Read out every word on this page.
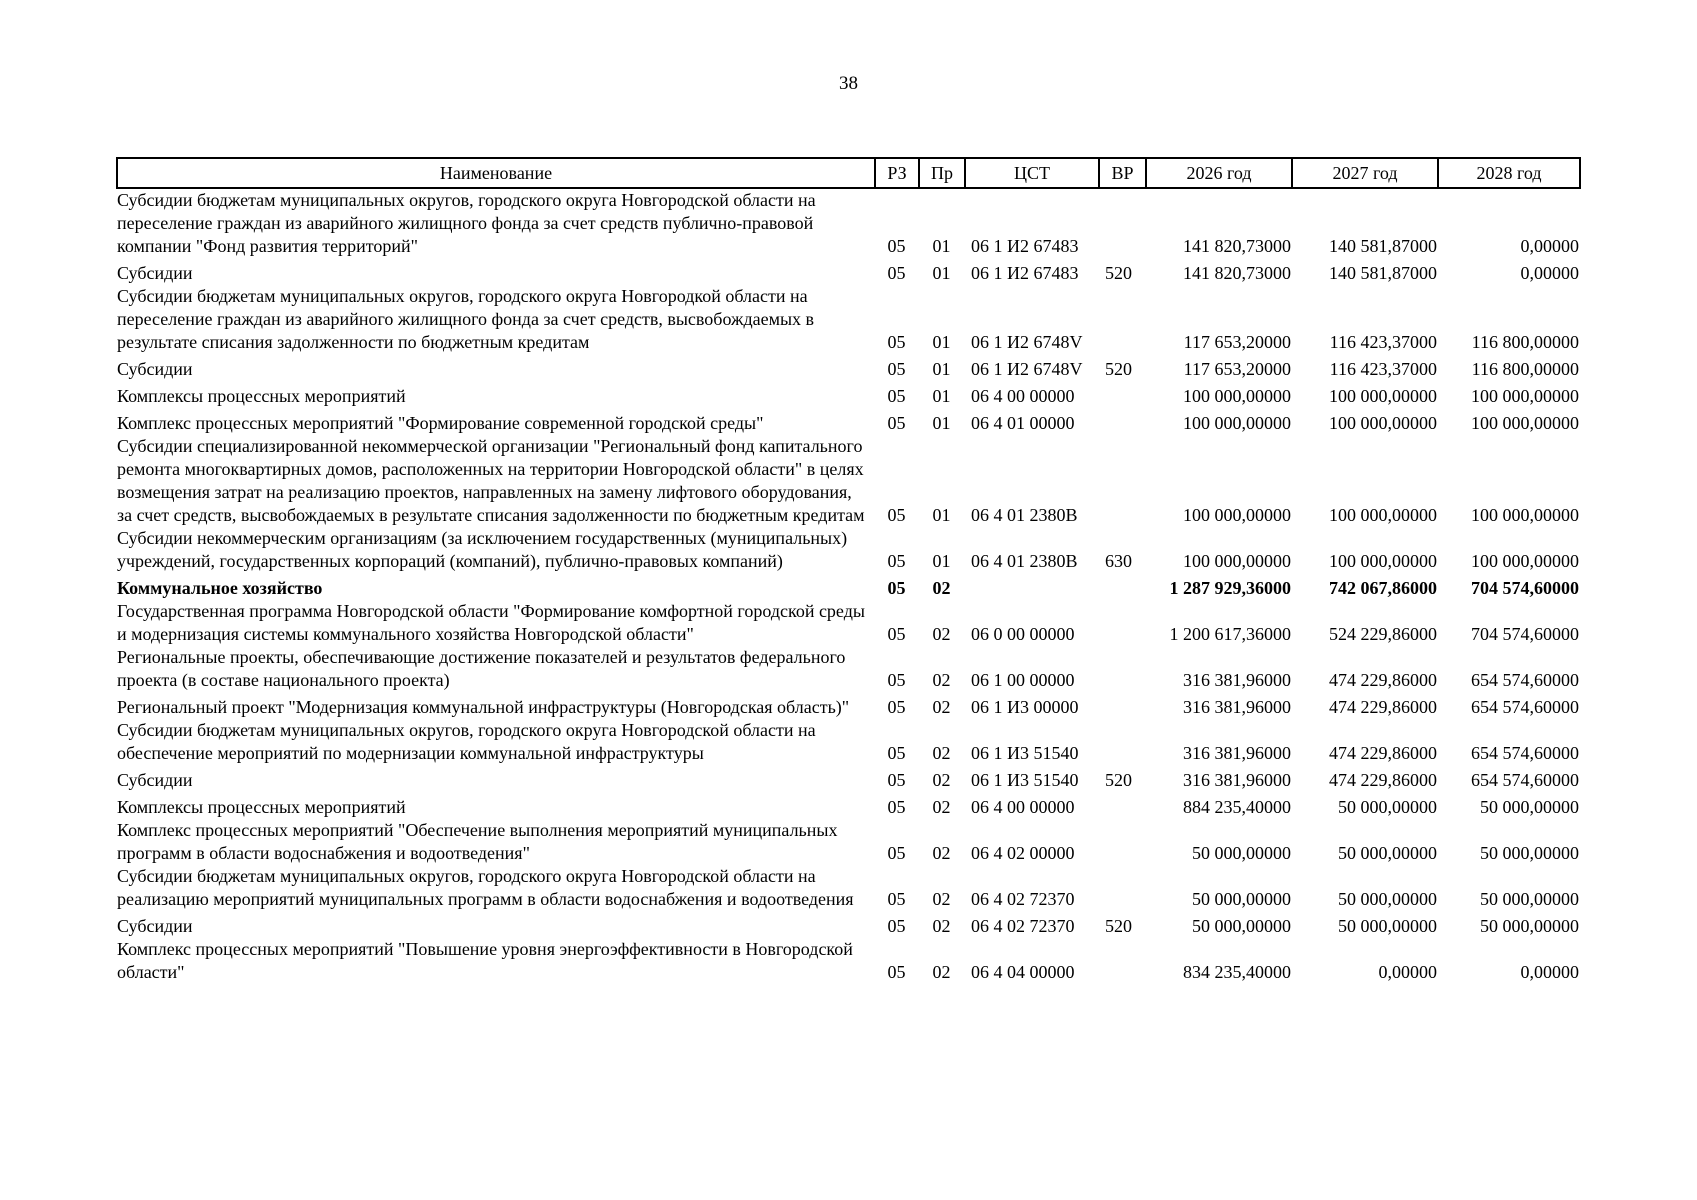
38
Наименование	РЗ	Пр	ЦСТ	ВР	2026 год	2027 год	2028 год
Субсидии бюджетам муниципальных округов, городского округа Новгородской области на переселение граждан из аварийного жилищного фонда за счет средств публично-правовой компании "Фонд развития территорий"	05	01	06 1 И2 67483		141 820,73000	140 581,87000	0,00000
Субсидии	05	01	06 1 И2 67483	520	141 820,73000	140 581,87000	0,00000
Субсидии бюджетам муниципальных округов, городского округа Новгородкой области на переселение граждан из аварийного жилищного фонда за счет средств, высвобождаемых в результате списания задолженности по бюджетным кредитам	05	01	06 1 И2 6748V		117 653,20000	116 423,37000	116 800,00000
Субсидии	05	01	06 1 И2 6748V	520	117 653,20000	116 423,37000	116 800,00000
Комплексы процессных мероприятий	05	01	06 4 00 00000		100 000,00000	100 000,00000	100 000,00000
Комплекс процессных мероприятий "Формирование современной городской среды"	05	01	06 4 01 00000		100 000,00000	100 000,00000	100 000,00000
Субсидии специализированной некоммерческой организации "Региональный фонд капитального ремонта многоквартирных домов, расположенных на территории Новгородской области" в целях возмещения затрат на реализацию проектов, направленных на замену лифтового оборудования, за счет средств, высвобождаемых в результате списания задолженности по бюджетным кредитам	05	01	06 4 01 2380В		100 000,00000	100 000,00000	100 000,00000
Субсидии некоммерческим организациям (за исключением государственных (муниципальных) учреждений, государственных корпораций (компаний), публично-правовых компаний)	05	01	06 4 01 2380В	630	100 000,00000	100 000,00000	100 000,00000
Коммунальное хозяйство	05	02			1 287 929,36000	742 067,86000	704 574,60000
Государственная программа Новгородской области "Формирование комфортной городской среды и модернизация системы коммунального хозяйства Новгородской области"	05	02	06 0 00 00000		1 200 617,36000	524 229,86000	704 574,60000
Региональные проекты, обеспечивающие достижение показателей и результатов федерального проекта (в составе национального проекта)	05	02	06 1 00 00000		316 381,96000	474 229,86000	654 574,60000
Региональный проект "Модернизация коммунальной инфраструктуры (Новгородская область)"	05	02	06 1 И3 00000		316 381,96000	474 229,86000	654 574,60000
Субсидии бюджетам муниципальных округов, городского округа Новгородской области на обеспечение мероприятий по модернизации коммунальной инфраструктуры	05	02	06 1 И3 51540		316 381,96000	474 229,86000	654 574,60000
Субсидии	05	02	06 1 И3 51540	520	316 381,96000	474 229,86000	654 574,60000
Комплексы процессных мероприятий	05	02	06 4 00 00000		884 235,40000	50 000,00000	50 000,00000
Комплекс процессных мероприятий "Обеспечение выполнения мероприятий муниципальных программ в области водоснабжения и водоотведения"	05	02	06 4 02 00000		50 000,00000	50 000,00000	50 000,00000
Субсидии бюджетам муниципальных округов, городского округа Новгородской области на реализацию мероприятий муниципальных программ в области водоснабжения и водоотведения	05	02	06 4 02 72370		50 000,00000	50 000,00000	50 000,00000
Субсидии	05	02	06 4 02 72370	520	50 000,00000	50 000,00000	50 000,00000
Комплекс процессных мероприятий "Повышение уровня энергоэффективности в Новгородской области"	05	02	06 4 04 00000		834 235,40000	0,00000	0,00000
